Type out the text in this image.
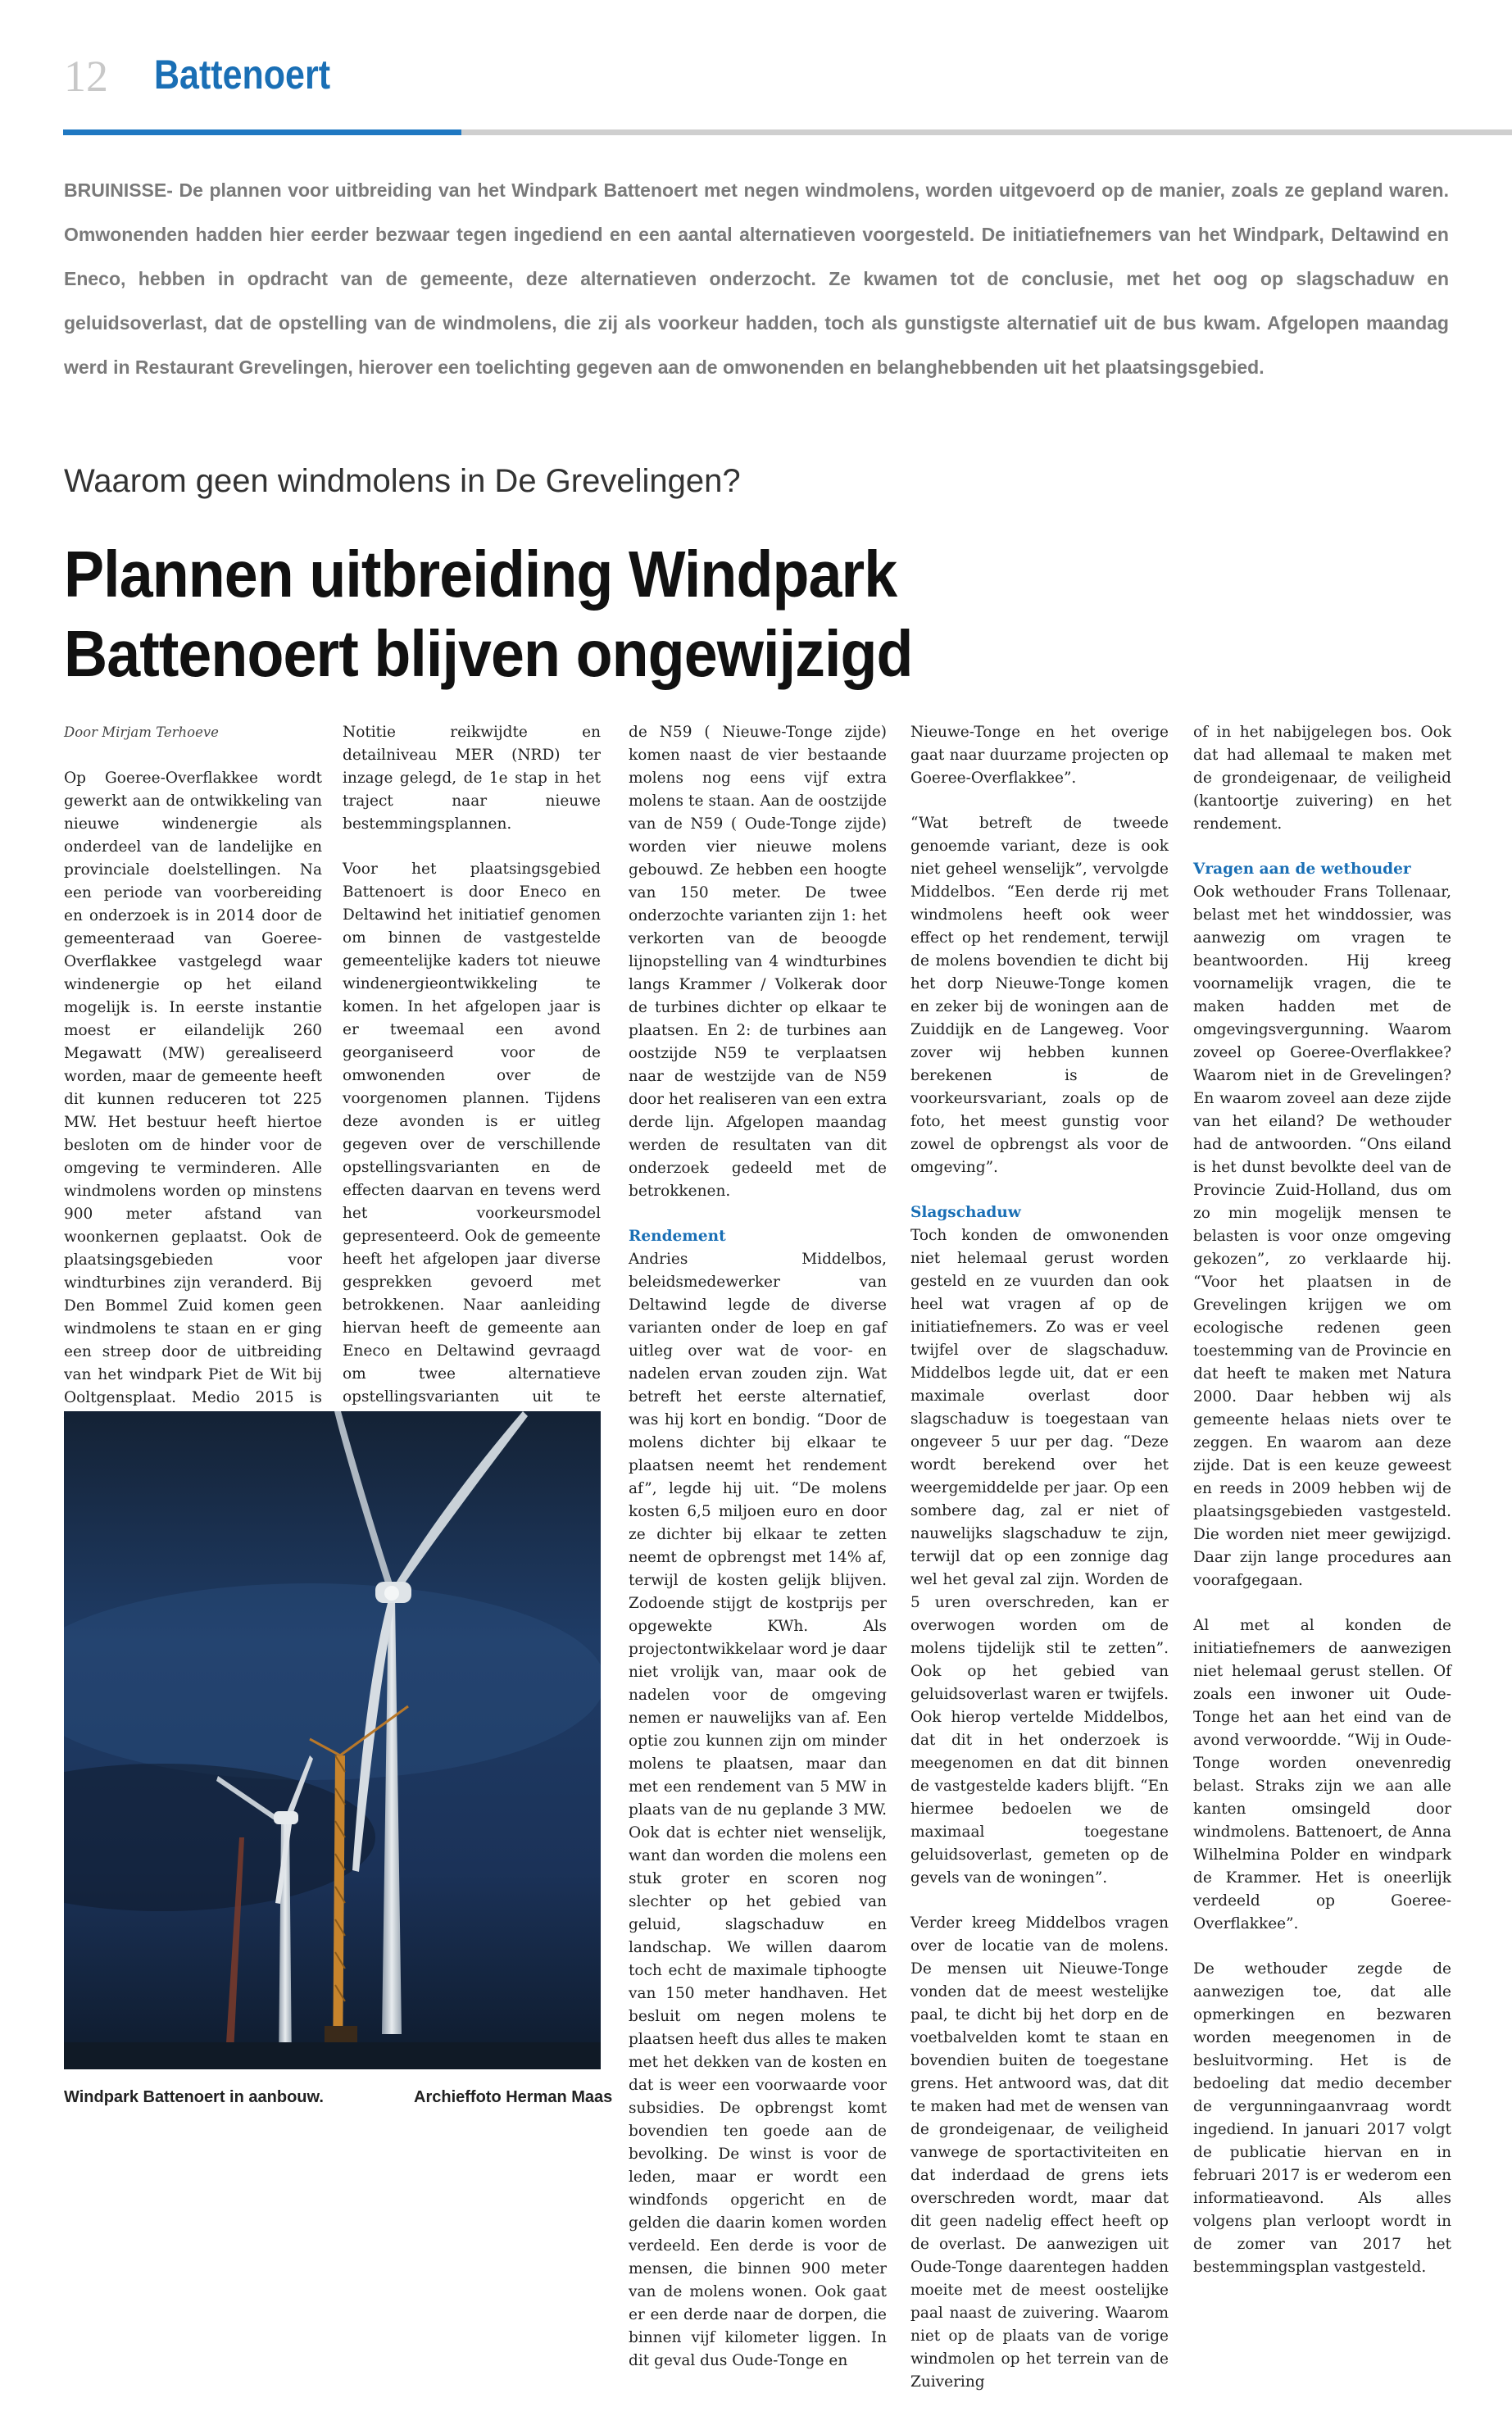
12 Battenoert
BRUINISSE- De plannen voor uitbreiding van het Windpark Battenoert met negen windmolens, worden uitgevoerd op de manier, zoals ze gepland waren. Omwonenden hadden hier eerder bezwaar tegen ingediend en een aantal alternatieven voorgesteld. De initiatiefnemers van het Windpark, Deltawind en Eneco, hebben in opdracht van de gemeente, deze alternatieven onderzocht. Ze kwamen tot de conclusie, met het oog op slagschaduw en geluidsoverlast, dat de opstelling van de windmolens, die zij als voorkeur hadden, toch als gunstigste alternatief uit de bus kwam. Afgelopen maandag werd in Restaurant Grevelingen, hierover een toelichting gegeven aan de omwonenden en belanghebbenden uit het plaatsingsgebied.
Waarom geen windmolens in De Grevelingen?
Plannen uitbreiding Windpark
Battenoert blijven ongewijzigd

Door Mirjam Terhoeve

Op Goeree-Overflakkee wordt gewerkt aan de ontwikkeling van nieuwe windenergie als onderdeel van de landelijke en provinciale doelstellingen. Na een periode van voorbereiding en onderzoek is in 2014 door de gemeenteraad van Goeree-Overflakkee vastgelegd waar windenergie op het eiland mogelijk is. In eerste instantie moest er eilandelijk 260 Megawatt (MW) gerealiseerd worden, maar de gemeente heeft dit kunnen reduceren tot 225 MW. Het bestuur heeft hiertoe besloten om de hinder voor de omgeving te verminderen. Alle windmolens worden op minstens 900 meter afstand van woonkernen geplaatst. Ook de plaatsingsgebieden voor windturbines zijn veranderd. Bij Den Bommel Zuid komen geen windmolens te staan en er ging een streep door de uitbreiding van het windpark Piet de Wit bij Ooltgensplaat. Medio 2015 is

Notitie reikwijdte en detailniveau MER (NRD) ter inzage gelegd, de 1e stap in het traject naar nieuwe bestemmingsplannen.

Voor het plaatsingsgebied Battenoert is door Eneco en Deltawind het initiatief genomen om binnen de vastgestelde gemeentelijke kaders tot nieuwe windenergieontwikkeling te komen. In het afgelopen jaar is er tweemaal een avond georganiseerd voor de omwonenden over de voorgenomen plannen. Tijdens deze avonden is er uitleg gegeven over de verschillende opstellingsvarianten en de effecten daarvan en tevens werd het voorkeursmodel gepresenteerd. Ook de gemeente heeft het afgelopen jaar diverse gesprekken gevoerd met betrokkenen. Naar aanleiding hiervan heeft de gemeente aan Eneco en Deltawind gevraagd om twee alternatieve opstellingsvarianten uit te

de N59 ( Nieuwe-Tonge zijde) komen naast de vier bestaande molens nog eens vijf extra molens te staan. Aan de oostzijde van de N59 ( Oude-Tonge zijde) worden vier nieuwe molens gebouwd. Ze hebben een hoogte van 150 meter. De twee onderzochte varianten zijn 1: het verkorten van de beoogde lijnopstelling van 4 windturbines langs Krammer / Volkerak door de turbines dichter op elkaar te plaatsen. En 2: de turbines aan oostzijde N59 te verplaatsen naar de westzijde van de N59 door het realiseren van een extra derde lijn. Afgelopen maandag werden de resultaten van dit onderzoek gedeeld met de betrokkenen.

Rendement

Andries Middelbos, beleidsmedewerker van Deltawind legde de diverse varianten onder de loep en gaf uitleg over wat de voor- en nadelen ervan zouden zijn. Wat betreft het eerste alternatief, was hij kort en bondig. “Door de molens dichter bij elkaar te plaatsen neemt het rendement af”, legde hij uit. “De molens kosten 6,5 miljoen euro en door ze dichter bij elkaar te zetten neemt de opbrengst met 14% af, terwijl de kosten gelijk blijven. Zodoende stijgt de kostprijs per opgewekte KWh. Als projectontwikkelaar word je daar niet vrolijk van, maar ook de nadelen voor de omgeving nemen er nauwelijks van af. Een optie zou kunnen zijn om minder molens te plaatsen, maar dan met een rendement van 5 MW in plaats van de nu geplande 3 MW. Ook dat is echter niet wenselijk, want dan worden die molens een stuk groter en scoren nog slechter op het gebied van geluid, slagschaduw en landschap. We willen daarom toch echt de maximale tiphoogte van 150 meter handhaven. Het besluit om negen molens te plaatsen heeft dus alles te maken met het dekken van de kosten en dat is weer een voorwaarde voor subsidies. De opbrengst komt bovendien ten goede aan de bevolking. De winst is voor de leden, maar er wordt een windfonds opgericht en de gelden die daarin komen worden verdeeld. Een derde is voor de mensen, die binnen 900 meter van de molens wonen. Ook gaat er een derde naar de dorpen, die binnen vijf kilometer liggen. In dit geval dus Oude-Tonge en

Nieuwe-Tonge en het overige gaat naar duurzame projecten op Goeree-Overflakkee”.

“Wat betreft de tweede genoemde variant, deze is ook niet geheel wenselijk”, vervolgde Middelbos. “Een derde rij met windmolens heeft ook weer effect op het rendement, terwijl de molens bovendien te dicht bij het dorp Nieuwe-Tonge komen en zeker bij de woningen aan de Zuiddijk en de Langeweg. Voor zover wij hebben kunnen berekenen is de voorkeursvariant, zoals op de foto, het meest gunstig voor zowel de opbrengst als voor de omgeving”.

Slagschaduw

Toch konden de omwonenden niet helemaal gerust worden gesteld en ze vuurden dan ook heel wat vragen af op de initiatiefnemers. Zo was er veel twijfel over de slagschaduw. Middelbos legde uit, dat er een maximale overlast door slagschaduw is toegestaan van ongeveer 5 uur per dag. “Deze wordt berekend over het weergemiddelde per jaar. Op een sombere dag, zal er niet of nauwelijks slagschaduw te zijn, terwijl dat op een zonnige dag wel het geval zal zijn. Worden de 5 uren overschreden, kan er overwogen worden om de molens tijdelijk stil te zetten”. Ook op het gebied van geluidsoverlast waren er twijfels. Ook hierop vertelde Middelbos, dat dit in het onderzoek is meegenomen en dat dit binnen de vastgestelde kaders blijft. “En hiermee bedoelen we de maximaal toegestane geluidsoverlast, gemeten op de gevels van de woningen”.

Verder kreeg Middelbos vragen over de locatie van de molens. De mensen uit Nieuwe-Tonge vonden dat de meest westelijke paal, te dicht bij het dorp en de voetbalvelden komt te staan en bovendien buiten de toegestane grens. Het antwoord was, dat dit te maken had met de wensen van de grondeigenaar, de veiligheid vanwege de sportactiviteiten en dat inderdaad de grens iets overschreden wordt, maar dat dit geen nadelig effect heeft op de overlast. De aanwezigen uit Oude-Tonge daarentegen hadden moeite met de meest oostelijke paal naast de zuivering. Waarom niet op de plaats van de vorige windmolen op het terrein van de Zuivering

of in het nabijgelegen bos. Ook dat had allemaal te maken met de grondeigenaar, de veiligheid (kantoortje zuivering) en het rendement.

Vragen aan de wethouder

Ook wethouder Frans Tollenaar, belast met het winddossier, was aanwezig om vragen te beantwoorden. Hij kreeg voornamelijk vragen, die te maken hadden met de omgevingsvergunning. Waarom zoveel op Goeree-Overflakkee? Waarom niet in de Grevelingen? En waarom zoveel aan deze zijde van het eiland? De wethouder had de antwoorden. “Ons eiland is het dunst bevolkte deel van de Provincie Zuid-Holland, dus om zo min mogelijk mensen te belasten is voor onze omgeving gekozen”, zo verklaarde hij. “Voor het plaatsen in de Grevelingen krijgen we om ecologische redenen geen toestemming van de Provincie en dat heeft te maken met Natura 2000. Daar hebben wij als gemeente helaas niets over te zeggen. En waarom aan deze zijde. Dat is een keuze geweest en reeds in 2009 hebben wij de plaatsingsgebieden vastgesteld. Die worden niet meer gewijzigd. Daar zijn lange procedures aan voorafgegaan.

Al met al konden de initiatiefnemers de aanwezigen niet helemaal gerust stellen. Of zoals een inwoner uit Oude-Tonge het aan het eind van de avond verwoordde. “Wij in Oude-Tonge worden onevenredig belast. Straks zijn we aan alle kanten omsingeld door windmolens. Battenoert, de Anna Wilhelmina Polder en windpark de Krammer. Het is oneerlijk verdeeld op Goeree-Overflakkee”.

De wethouder zegde de aanwezigen toe, dat alle opmerkingen en bezwaren worden meegenomen in de besluitvorming. Het is de bedoeling dat medio december de vergunningaanvraag wordt ingediend. In januari 2017 volgt de publicatie hiervan en in februari 2017 is er wederom een informatieavond. Als alles volgens plan verloopt wordt in de zomer van 2017 het bestemmingsplan vastgesteld.

Windpark Battenoert in aanbouw.	Archieffoto Herman Maas
